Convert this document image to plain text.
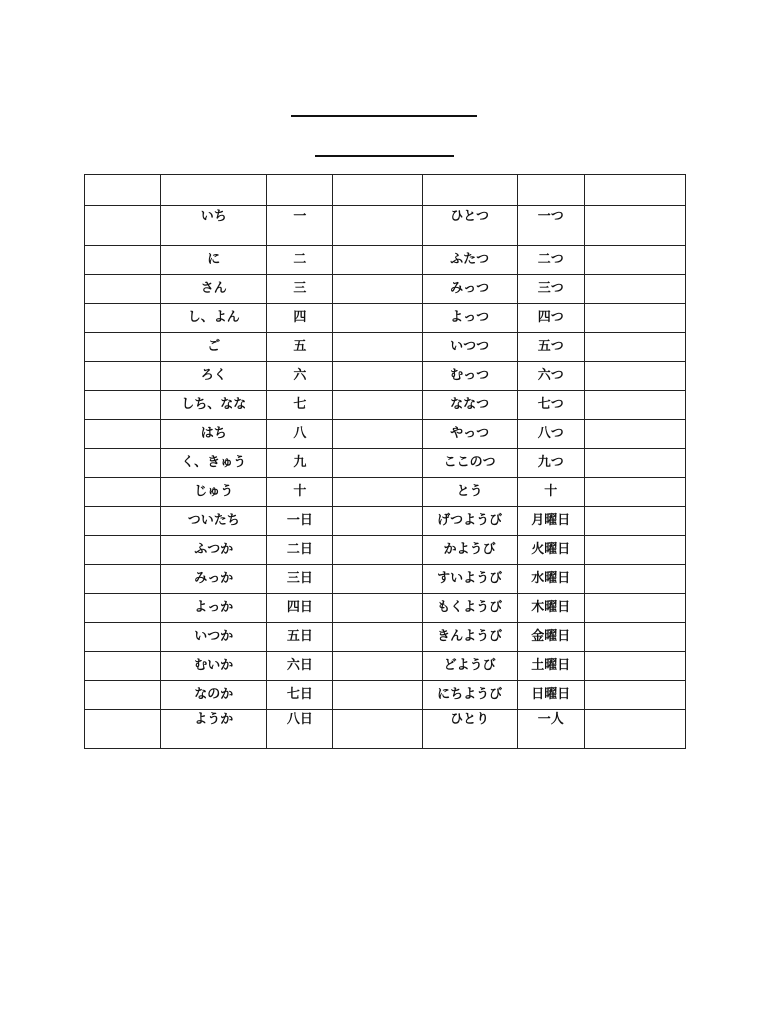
	いち	一		ひとつ	一つ	
	に	二		ふたつ	二つ	
	さん	三		みっつ	三つ	
	し、よん	四		よっつ	四つ	
	ご	五		いつつ	五つ	
	ろく	六		むっつ	六つ	
	しち、なな	七		ななつ	七つ	
	はち	八		やっつ	八つ	
	く、きゅう	九		ここのつ	九つ	
	じゅう	十		とう	十	
	ついたち	一日		げつようび	月曜日	
	ふつか	二日		かようび	火曜日	
	みっか	三日		すいようび	水曜日	
	よっか	四日		もくようび	木曜日	
	いつか	五日		きんようび	金曜日	
	むいか	六日		どようび	土曜日	
	なのか	七日		にちようび	日曜日	
	ようか	八日		ひとり	一人	
